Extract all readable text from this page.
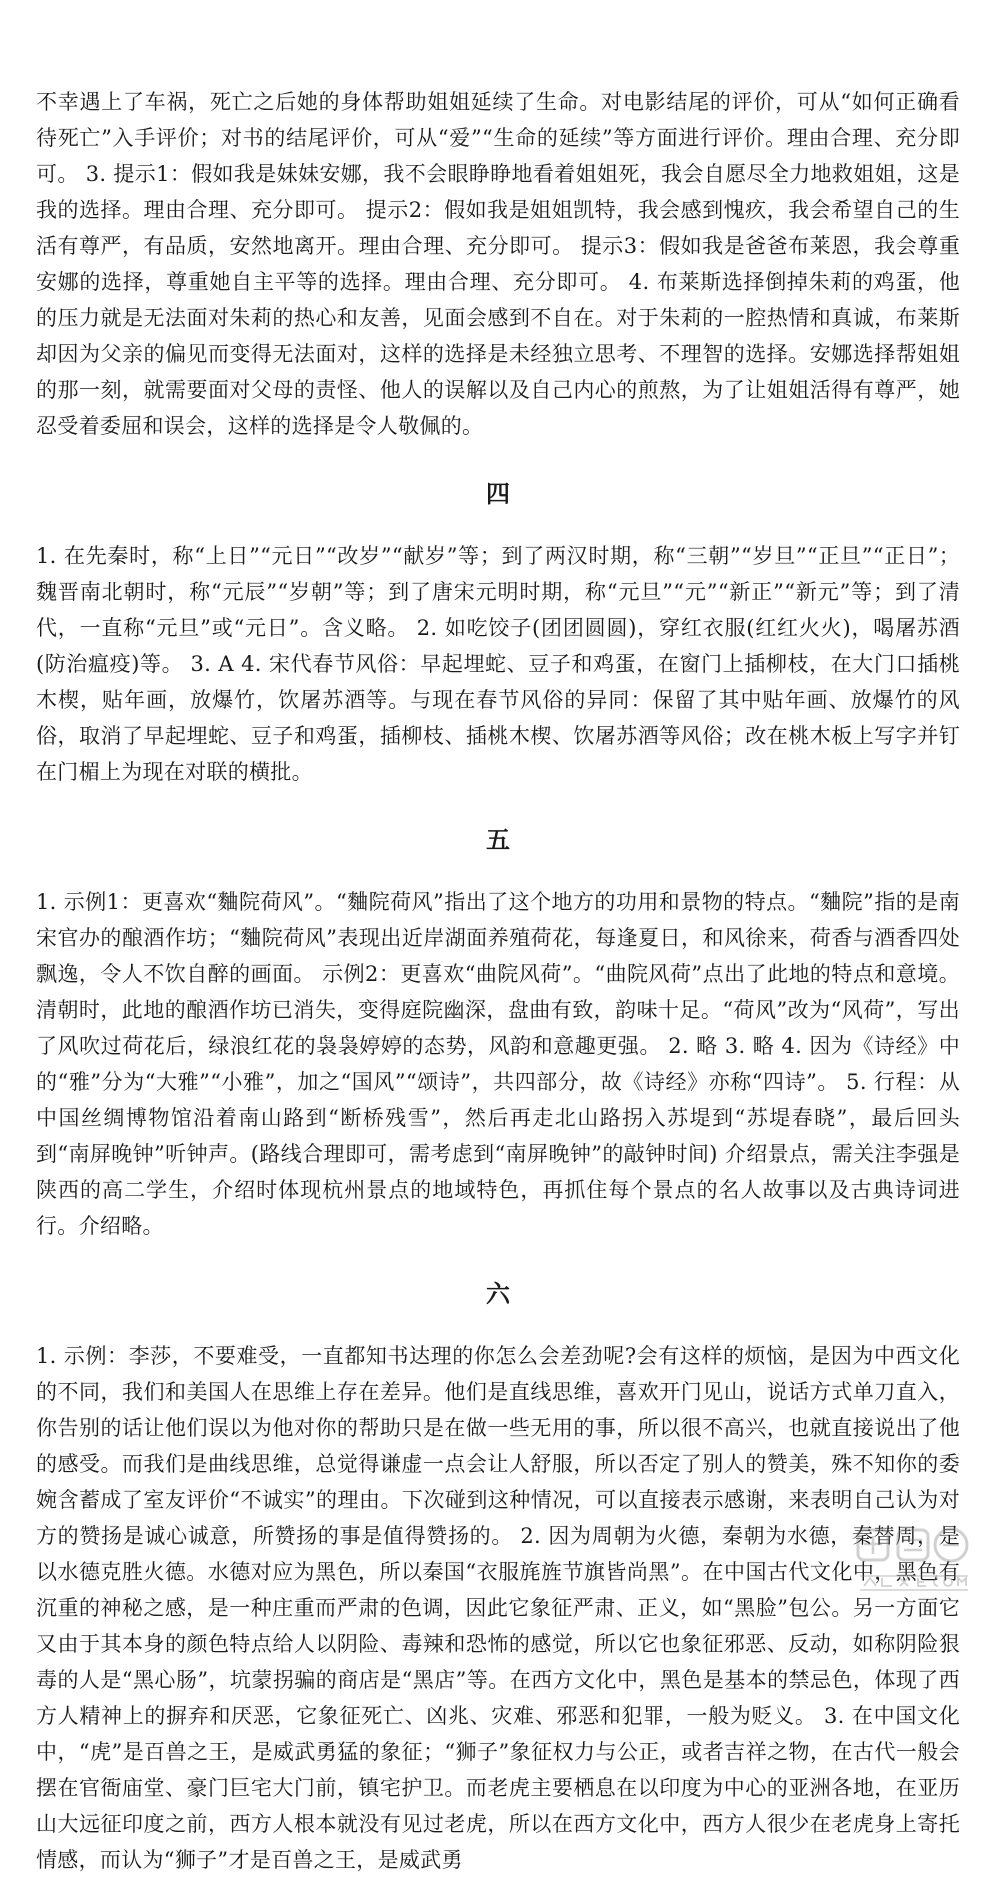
不幸遇上了车祸，死亡之后她的身体帮助姐姐延续了生命。对电影结尾的评价，可从“如何正确看待死亡”入手评价；对书的结尾评价，可从“爱”“生命的延续”等方面进行评价。理由合理、充分即可。 3. 提示1：假如我是妹妹安娜，我不会眼睁睁地看着姐姐死，我会自愿尽全力地救姐姐，这是我的选择。理由合理、充分即可。 提示2：假如我是姐姐凯特，我会感到愧疚，我会希望自己的生活有尊严，有品质，安然地离开。理由合理、充分即可。 提示3：假如我是爸爸布莱恩，我会尊重安娜的选择，尊重她自主平等的选择。理由合理、充分即可。 4. 布莱斯选择倒掉朱莉的鸡蛋，他的压力就是无法面对朱莉的热心和友善，见面会感到不自在。对于朱莉的一腔热情和真诚，布莱斯却因为父亲的偏见而变得无法面对，这样的选择是未经独立思考、不理智的选择。安娜选择帮姐姐的那一刻，就需要面对父母的责怪、他人的误解以及自己内心的煎熬，为了让姐姐活得有尊严，她忍受着委屈和误会，这样的选择是令人敬佩的。

四

1. 在先秦时，称“上日”“元日”“改岁”“献岁”等；到了两汉时期，称“三朝”“岁旦”“正旦”“正日”；魏晋南北朝时，称“元辰”“岁朝”等；到了唐宋元明时期，称“元旦”“元”“新正”“新元”等；到了清代，一直称“元旦”或“元日”。含义略。 2. 如吃饺子(团团圆圆)，穿红衣服(红红火火)，喝屠苏酒(防治瘟疫)等。 3. A 4. 宋代春节风俗：早起埋蛇、豆子和鸡蛋，在窗门上插柳枝，在大门口插桃木楔，贴年画，放爆竹，饮屠苏酒等。与现在春节风俗的异同：保留了其中贴年画、放爆竹的风俗，取消了早起埋蛇、豆子和鸡蛋，插柳枝、插桃木楔、饮屠苏酒等风俗；改在桃木板上写字并钉在门楣上为现在对联的横批。

五

1. 示例1：更喜欢“麯院荷风”。“麯院荷风”指出了这个地方的功用和景物的特点。“麯院”指的是南宋官办的酿酒作坊；“麯院荷风”表现出近岸湖面养殖荷花，每逢夏日，和风徐来，荷香与酒香四处飘逸，令人不饮自醉的画面。 示例2：更喜欢“曲院风荷”。“曲院风荷”点出了此地的特点和意境。清朝时，此地的酿酒作坊已消失，变得庭院幽深，盘曲有致，韵味十足。“荷风”改为“风荷”，写出了风吹过荷花后，绿浪红花的袅袅婷婷的态势，风韵和意趣更强。 2. 略 3. 略 4. 因为《诗经》中的“雅”分为“大雅”“小雅”，加之“国风”“颂诗”，共四部分，故《诗经》亦称“四诗”。 5. 行程：从中国丝绸博物馆沿着南山路到“断桥残雪”，然后再走北山路拐入苏堤到“苏堤春晓”，最后回头到“南屏晚钟”听钟声。(路线合理即可，需考虑到“南屏晚钟”的敲钟时间) 介绍景点，需关注李强是陕西的高二学生，介绍时体现杭州景点的地域特色，再抓住每个景点的名人故事以及古典诗词进行。介绍略。

六

1. 示例：李莎，不要难受，一直都知书达理的你怎么会差劲呢?会有这样的烦恼，是因为中西文化的不同，我们和美国人在思维上存在差异。他们是直线思维，喜欢开门见山，说话方式单刀直入，你告别的话让他们误以为他对你的帮助只是在做一些无用的事，所以很不高兴，也就直接说出了他的感受。而我们是曲线思维，总觉得谦虚一点会让人舒服，所以否定了别人的赞美，殊不知你的委婉含蓄成了室友评价“不诚实”的理由。下次碰到这种情况，可以直接表示感谢，来表明自己认为对方的赞扬是诚心诚意，所赞扬的事是值得赞扬的。 2. 因为周朝为火德，秦朝为水德，秦替周，是以水德克胜火德。水德对应为黑色，所以秦国“衣服旄旌节旗皆尚黑”。在中国古代文化中，黑色有沉重的神秘之感，是一种庄重而严肃的色调，因此它象征严肃、正义，如“黑脸”包公。另一方面它又由于其本身的颜色特点给人以阴险、毒辣和恐怖的感觉，所以它也象征邪恶、反动，如称阴险狠毒的人是“黑心肠”，坑蒙拐骗的商店是“黑店”等。在西方文化中，黑色是基本的禁忌色，体现了西方人精神上的摒弃和厌恶，它象征死亡、凶兆、灾难、邪恶和犯罪，一般为贬义。 3. 在中国文化中，“虎”是百兽之王，是威武勇猛的象征；“狮子”象征权力与公正，或者吉祥之物，在古代一般会摆在官衙庙堂、豪门巨宅大门前，镇宅护卫。而老虎主要栖息在以印度为中心的亚洲各地，在亚历山大远征印度之前，西方人根本就没有见过老虎，所以在西方文化中，西方人很少在老虎身上寄托情感，而认为“狮子”才是百兽之王，是威武勇
